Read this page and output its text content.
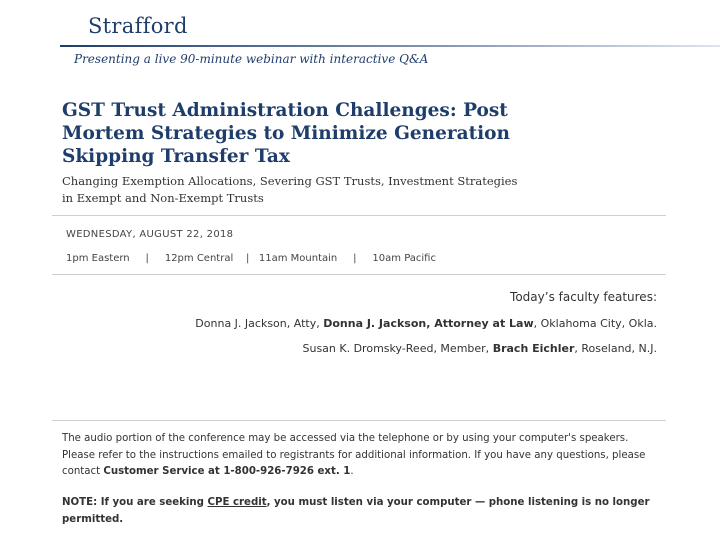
Strafford
Presenting a live 90-minute webinar with interactive Q&A
GST Trust Administration Challenges: Post Mortem Strategies to Minimize Generation Skipping Transfer Tax
Changing Exemption Allocations, Severing GST Trusts, Investment Strategies in Exempt and Non-Exempt Trusts
WEDNESDAY, AUGUST 22, 2018
1pm Eastern | 12pm Central | 11am Mountain | 10am Pacific
Today’s faculty features:
Donna J. Jackson, Atty, Donna J. Jackson, Attorney at Law, Oklahoma City, Okla.
Susan K. Dromsky-Reed, Member, Brach Eichler, Roseland, N.J.
The audio portion of the conference may be accessed via the telephone or by using your computer's speakers. Please refer to the instructions emailed to registrants for additional information. If you have any questions, please contact Customer Service at 1-800-926-7926 ext. 1.
NOTE: If you are seeking CPE credit, you must listen via your computer — phone listening is no longer permitted.
